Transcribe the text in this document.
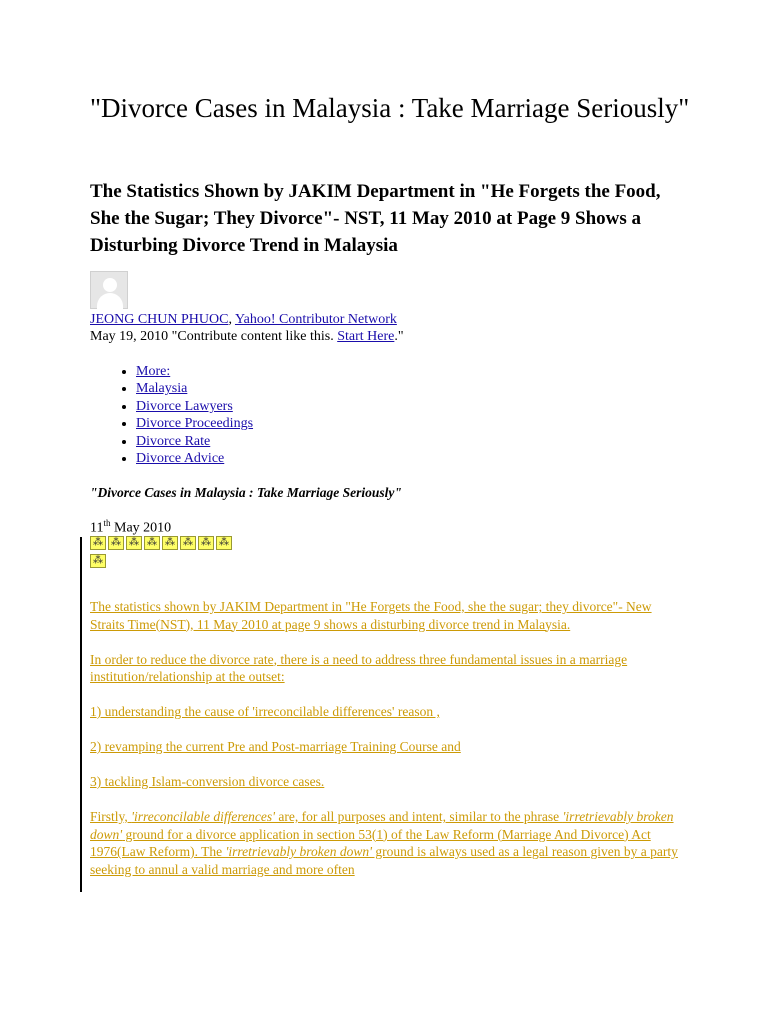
"Divorce Cases in Malaysia : Take Marriage Seriously"
The Statistics Shown by JAKIM Department in "He Forgets the Food, She the Sugar; They Divorce"- NST, 11 May 2010 at Page 9 Shows a Disturbing Divorce Trend in Malaysia
JEONG CHUN PHUOC, Yahoo! Contributor Network
May 19, 2010 "Contribute content like this. Start Here."
• More:
• Malaysia
• Divorce Lawyers
• Divorce Proceedings
• Divorce Rate
• Divorce Advice
"Divorce Cases in Malaysia : Take Marriage Seriously"
11th May 2010
⁂ ⁂ ⁂ ⁂ ⁂ ⁂ ⁂ ⁂⁂

The statistics shown by JAKIM Department in "He Forgets the Food, she the sugar; they divorce"- New Straits Time(NST), 11 May 2010 at page 9 shows a disturbing divorce trend in Malaysia.

In order to reduce the divorce rate, there is a need to address three fundamental issues in a marriage institution/relationship at the outset:

1) understanding the cause of 'irreconcilable differences' reason ,

2) revamping the current Pre and Post-marriage Training Course and

3) tackling Islam-conversion divorce cases.

Firstly, 'irreconcilable differences' are, for all purposes and intent, similar to the phrase 'irretrievably broken down' ground for a divorce application in section 53(1) of the Law Reform (Marriage And Divorce) Act 1976(Law Reform). The 'irretrievably broken down' ground is always used as a legal reason given by a party seeking to annul a valid marriage and more often
